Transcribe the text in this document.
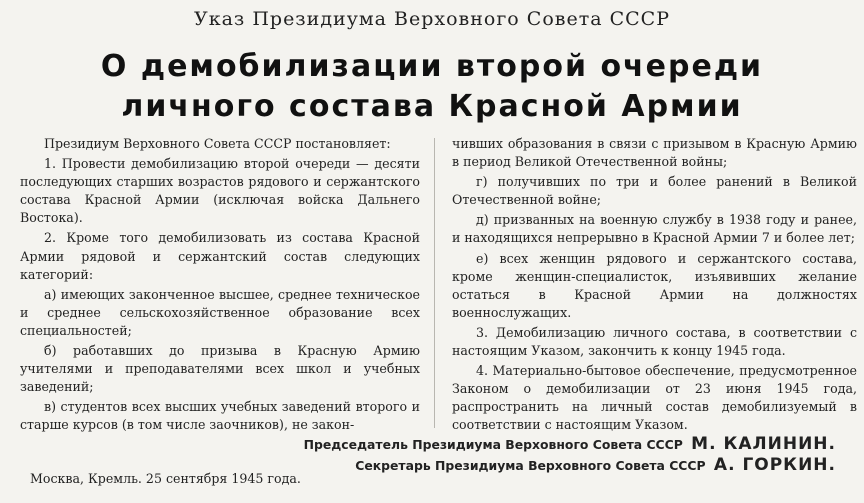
Указ Президиума Верховного Совета СССР
О демобилизации второй очереди
личного состава Красной Армии

Президиум Верховного Совета СССР постановляет:

1. Провести демобилизацию второй очереди — десяти последующих старших возрастов рядового и сержантского состава Красной Армии (исключая войска Дальнего Востока).

2. Кроме того демобилизовать из состава Красной Армии рядовой и сержантский состав следующих категорий:

а) имеющих законченное высшее, среднее техническое и среднее сельскохозяйственное образование всех специальностей;

б) работавших до призыва в Красную Армию учителями и преподавателями всех школ и учебных заведений;

в) студентов всех высших учебных заведений второго и старше курсов (в том числе заочников), не закон-

чивших образования в связи с призывом в Красную Армию в период Великой Отечественной войны;

г) получивших по три и более ранений в Великой Отечественной войне;

д) призванных на военную службу в 1938 году и ранее, и находящихся непрерывно в Красной Армии 7 и более лет;

е) всех женщин рядового и сержантского состава, кроме женщин-специалисток, изъявивших желание остаться в Красной Армии на должностях военнослужащих.

3. Демобилизацию личного состава, в соответствии с настоящим Указом, закончить к концу 1945 года.

4. Материально-бытовое обеспечение, предусмотренное Законом о демобилизации от 23 июня 1945 года, распространить на личный состав демобилизуемый в соответствии с настоящим Указом.

Председатель Президиума Верховного Совета СССР М. КАЛИНИН.
Секретарь Президиума Верховного Совета СССР А. ГОРКИН.
Москва, Кремль. 25 сентября 1945 года.
